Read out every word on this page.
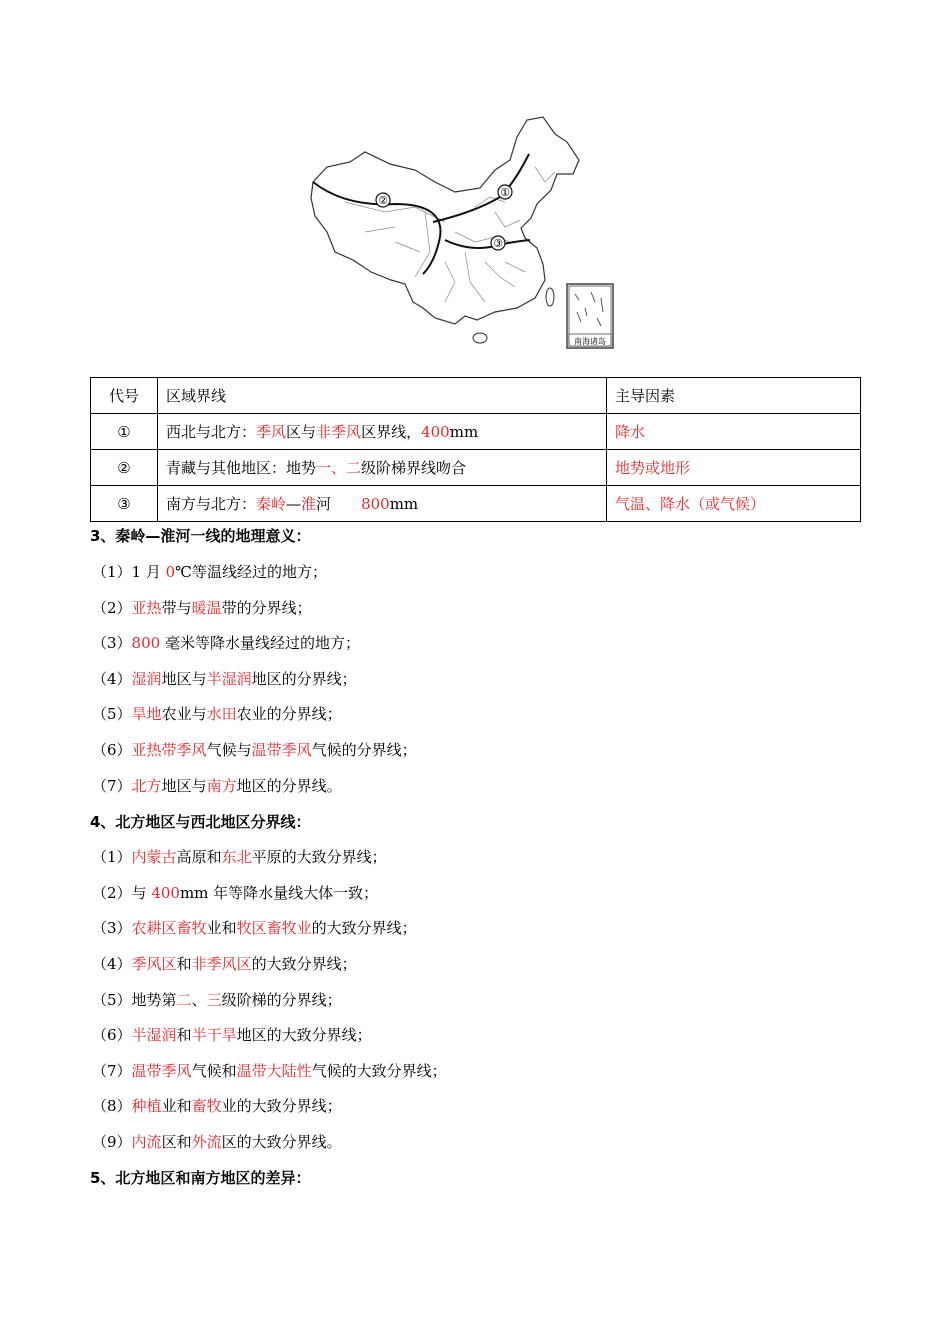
①
②
③
南海诸岛
代号	区域界线	主导因素
①	西北与北方：季风区与非季风区界线，400mm	降水
②	青藏与其他地区：地势一、二级阶梯界线吻合	地势或地形
③	南方与北方：秦岭—淮河　　800mm	气温、降水（或气候）
3、秦岭—淮河一线的地理意义：
（1）1 月 0℃等温线经过的地方；
（2）亚热带与暖温带的分界线；
（3）800 毫米等降水量线经过的地方；
（4）湿润地区与半湿润地区的分界线；
（5）旱地农业与水田农业的分界线；
（6）亚热带季风气候与温带季风气候的分界线；
（7）北方地区与南方地区的分界线。
4、北方地区与西北地区分界线：
（1）内蒙古高原和东北平原的大致分界线；
（2）与 400mm 年等降水量线大体一致；
（3）农耕区畜牧业和牧区畜牧业的大致分界线；
（4）季风区和非季风区的大致分界线；
（5）地势第二、三级阶梯的分界线；
（6）半湿润和半干旱地区的大致分界线；
（7）温带季风气候和温带大陆性气候的大致分界线；
（8）种植业和畜牧业的大致分界线；
（9）内流区和外流区的大致分界线。
5、北方地区和南方地区的差异：
